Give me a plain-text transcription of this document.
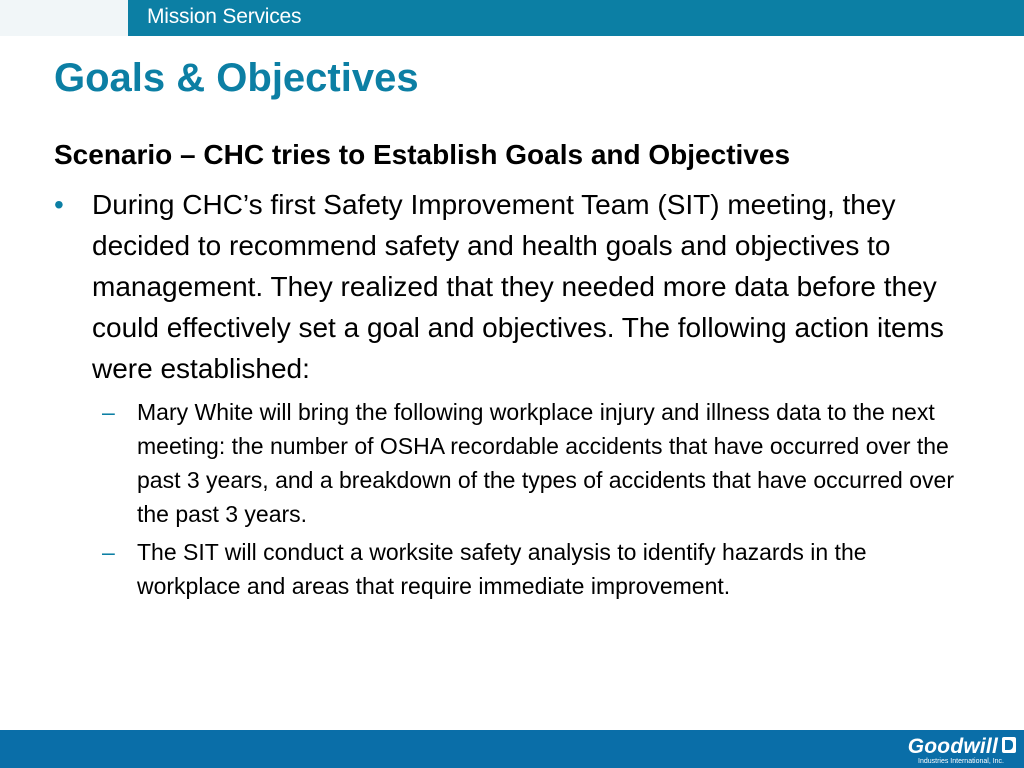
Mission Services
Goals & Objectives
Scenario – CHC tries to Establish Goals and Objectives
• During CHC’s first Safety Improvement Team (SIT) meeting, they decided to recommend safety and health goals and objectives to management. They realized that they needed more data before they could effectively set a goal and objectives. The following action items were established:
– Mary White will bring the following workplace injury and illness data to the next meeting: the number of OSHA recordable accidents that have occurred over the past 3 years, and a breakdown of the types of accidents that have occurred over the past 3 years.
– The SIT will conduct a worksite safety analysis to identify hazards in the workplace and areas that require immediate improvement.
Goodwill
Industries International, Inc.
